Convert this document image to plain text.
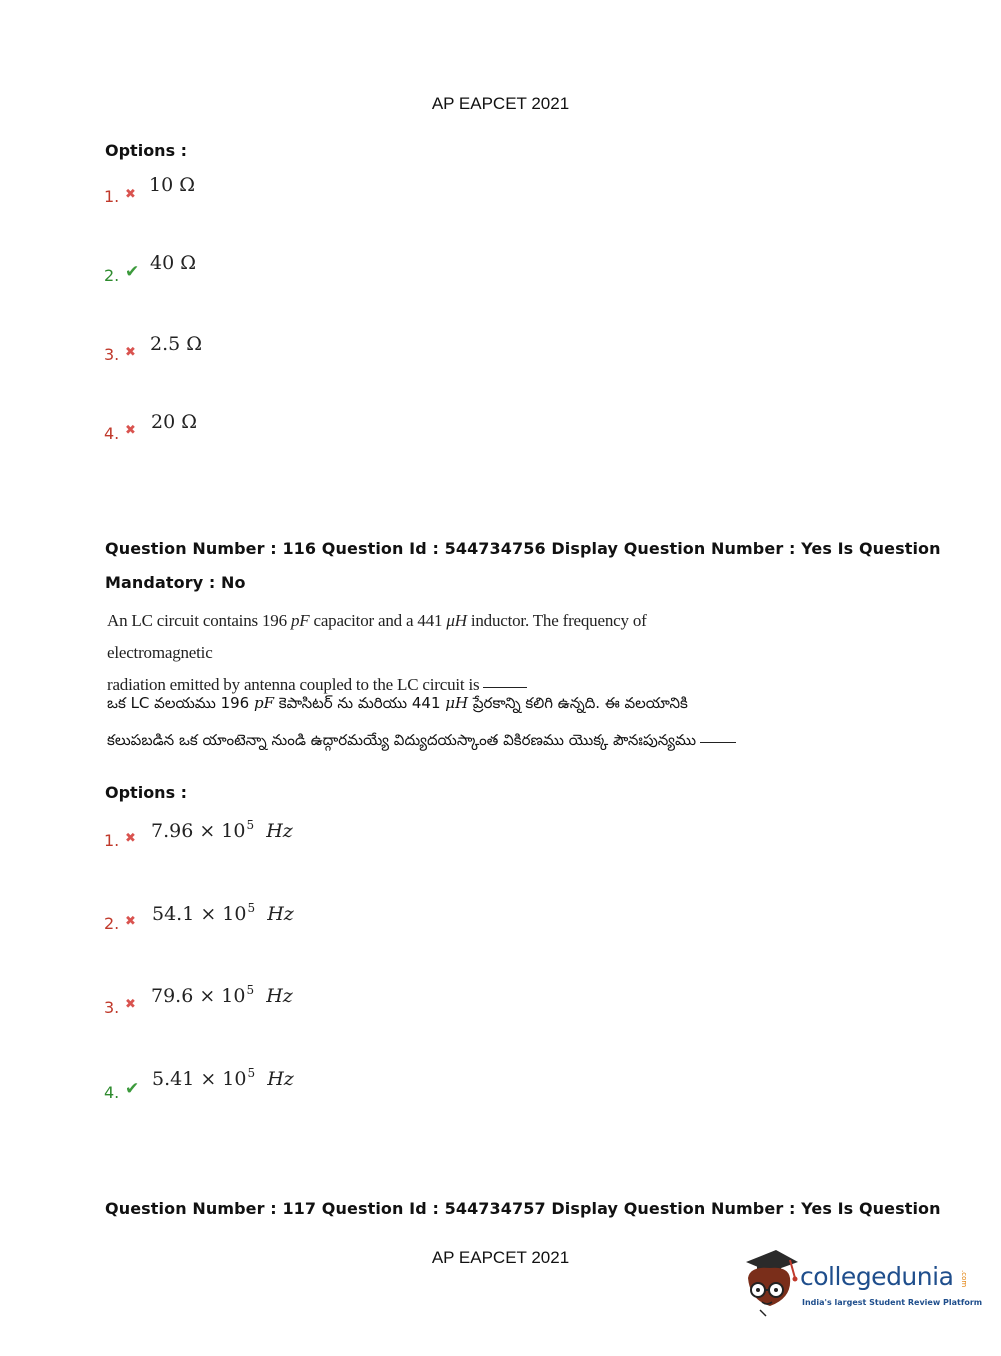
AP EAPCET 2021
Options :
1. ✖ 10 Ω
2. ✔ 40 Ω
3. ✖ 2.5 Ω
4. ✖ 20 Ω
Question Number : 116 Question Id : 544734756 Display Question Number : Yes Is Question
Mandatory : No
An LC circuit contains 196 pF capacitor and a 441 μH inductor. The frequency of electromagnetic
radiation emitted by antenna coupled to the LC circuit is
ఒక LC వలయము 196 pF కెపాసిటర్ ను మరియు 441 μH ప్రేరకాన్ని కలిగి ఉన్నది. ఈ వలయానికి
కలుపబడిన ఒక యాంటెన్నా నుండి ఉద్గారమయ్యే విద్యుదయస్కాంత వికిరణము యొక్క పౌనఃపున్యము
Options :
1. ✖ $7.96 \times 10^5$ Hz
2. ✖ $54.1 \times 10^5$ Hz
3. ✖ $79.6 \times 10^5$ Hz
4. ✔ $5.41 \times 10^5$ Hz
Question Number : 117 Question Id : 544734757 Display Question Number : Yes Is Question
AP EAPCET 2021
collegedunia .com
India's largest Student Review Platform
